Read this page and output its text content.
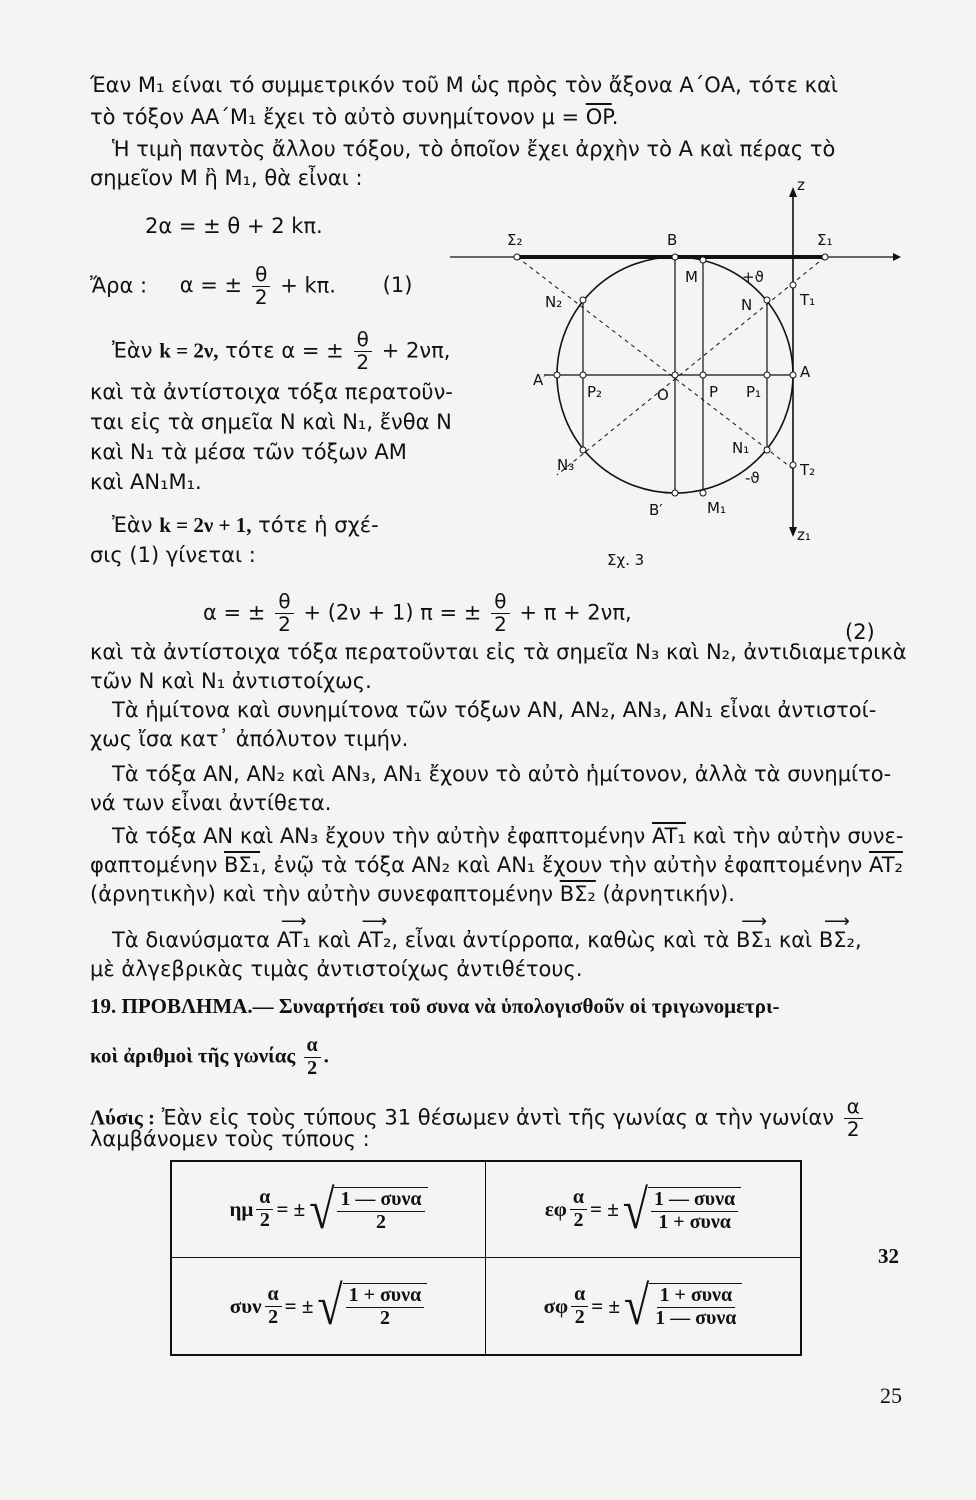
Έαν M₁ είναι τό συμμετρικόν τοῦ M ὡς πρὸς τὸν ἄξονα Α΄ΟΑ, τότε καὶ
τὸ τόξον ΑΑ΄M₁ ἔχει τὸ αὐτὸ συνημίτονον $\mu = \overline{OP}$.
Ἡ τιμὴ παντὸς ἄλλου τόξου, τὸ ὁποῖον ἔχει ἀρχὴν τὸ Α καὶ πέρας τὸ
σημεῖον M ἢ M₁, θὰ εἶναι :
2α = ± θ + 2 kπ.
Ἄρα : α = ± $\frac{\theta}{2} + k\pi$. (1)
Ἐὰν k = 2ν, τότε α = ± $\frac{\theta}{2} + 2\nu\pi$,
καὶ τὰ ἀντίστοιχα τόξα περατοῦν-
ται εἰς τὰ σημεῖα N καὶ N₁, ἔνθα N
καὶ N₁ τὰ μέσα τῶν τόξων AM
καὶ AN₁M₁.
Ἐὰν k = 2ν + 1, τότε ἡ σχέ-
σις (1) γίνεται :
α = ± $\frac{\theta}{2} + (2\nu + 1) \pi$ = ± $\frac{\theta}{2} + \pi + 2\nu\pi$,
(2)
καὶ τὰ ἀντίστοιχα τόξα περατοῦνται εἰς τὰ σημεῖα N₃ καὶ N₂, ἀντιδιαμετρικὰ
τῶν N καὶ N₁ ἀντιστοίχως.
Τὰ ἡμίτονα καὶ συνημίτονα τῶν τόξων AN, AN₂, AN₃, AN₁ εἶναι ἀντιστοί-
χως ἴσα κατ᾽ ἀπόλυτον τιμήν.
Τὰ τόξα AN, AN₂ καὶ AN₃, AN₁ ἔχουν τὸ αὐτὸ ἡμίτονον, ἀλλὰ τὰ συνημίτο-
νά των εἶναι ἀντίθετα.
Τὰ τόξα AN καὶ AN₃ ἔχουν τὴν αὐτὴν ἐφαπτομένην AT₁ καὶ τὴν αὐτὴν συνε-
φαπτομένην BΣ₁, ἐνῷ τὰ τόξα AN₂ καὶ AN₁ ἔχουν τὴν αὐτὴν ἐφαπτομένην AT₂
(ἀρνητικὴν) καὶ τὴν αὐτὴν συνεφαπτομένην BΣ₂ (ἀρνητικήν).
Τὰ διανύσματα ⟶ AT₁ καὶ ⟶ AT₂, εἶναι ἀντίρροπα, καθὼς καὶ τὰ ⟶ BΣ₁ καὶ ⟶ BΣ₂,
μὲ ἀλγεβρικὰς τιμὰς ἀντιστοίχως ἀντιθέτους.
19. ΠΡΟΒΛΗΜΑ.— Συναρτήσει τοῦ συνα νὰ ὑπολογισθοῦν οἱ τριγωνομετρι-
κοὶ ἀριθμοὶ τῆς γωνίας $\frac{\alpha}{2}$ .
Λύσις : Ἐὰν εἰς τοὺς τύπους 31 θέσωμεν ἀντὶ τῆς γωνίας α τὴν γωνίαν $\frac{\alpha}{2}$
λαμβάνομεν τοὺς τύπους :
ημ $\frac{\alpha}{2}$ = ± √ $\frac{\text{1 — συνα}}{2}$	εφ $\frac{\alpha}{2}$ = ± √ $\frac{\text{1 — συνα}}{\text{1 + συνα}}$
συν $\frac{\alpha}{2}$ = ± √ $\frac{\text{1 + συνα}}{2}$	σφ $\frac{\alpha}{2}$ = ± √ $\frac{\text{1 + συνα}}{\text{1 — συνα}}$
32
25
Σ₂	B	Σ₁
z
M	+ϑ
N₂	N	T₁
A′
P₂	O	P P₁
A
N₁
N₃	T₂
-ϑ
B′	M₁
z₁
Σχ. 3
